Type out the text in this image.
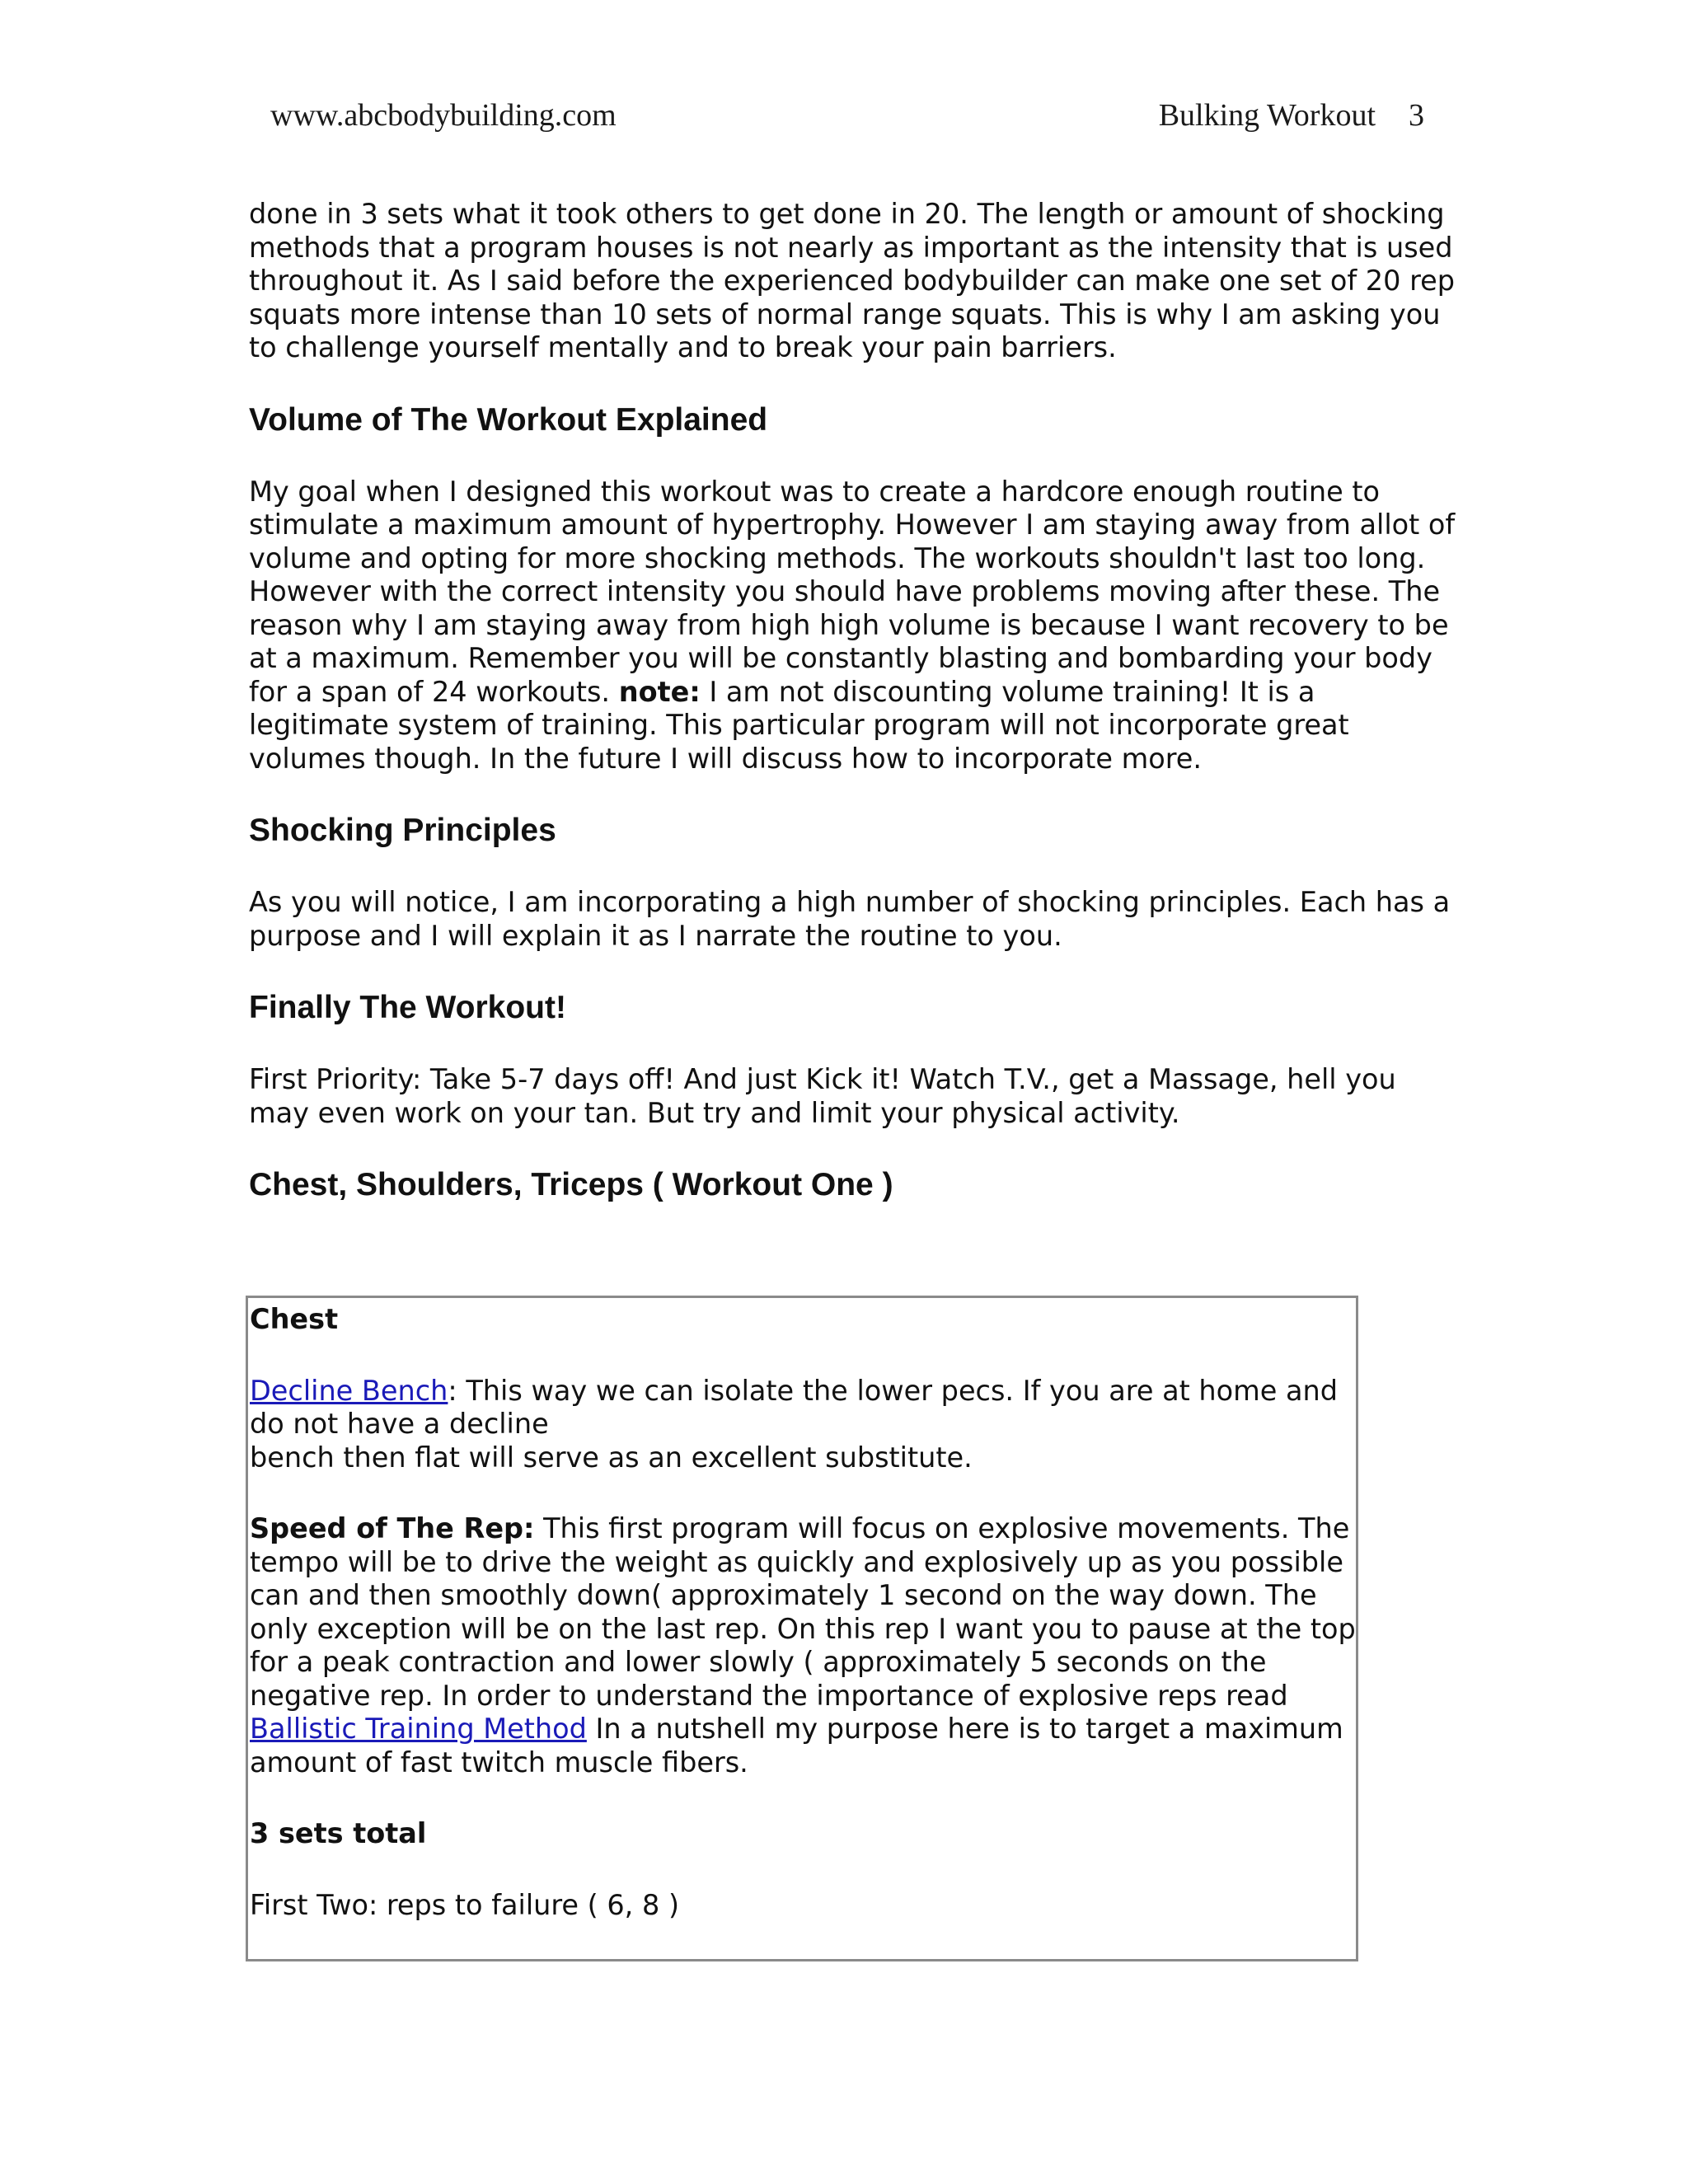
www.abcbodybuilding.com	Bulking Workout 3

done in 3 sets what it took others to get done in 20. The length or amount of shocking methods that a program houses is not nearly as important as the intensity that is used throughout it. As I said before the experienced bodybuilder can make one set of 20 rep squats more intense than 10 sets of normal range squats. This is why I am asking you to challenge yourself mentally and to break your pain barriers.

Volume of The Workout Explained

My goal when I designed this workout was to create a hardcore enough routine to stimulate a maximum amount of hypertrophy. However I am staying away from allot of volume and opting for more shocking methods. The workouts shouldn't last too long. However with the correct intensity you should have problems moving after these. The reason why I am staying away from high high volume is because I want recovery to be at a maximum. Remember you will be constantly blasting and bombarding your body for a span of 24 workouts. note: I am not discounting volume training! It is a legitimate system of training. This particular program will not incorporate great volumes though. In the future I will discuss how to incorporate more.

Shocking Principles

As you will notice, I am incorporating a high number of shocking principles. Each has a purpose and I will explain it as I narrate the routine to you.

Finally The Workout!

First Priority: Take 5-7 days off! And just Kick it! Watch T.V., get a Massage, hell you may even work on your tan. But try and limit your physical activity.

Chest, Shoulders, Triceps ( Workout One )

Chest

Decline Bench: This way we can isolate the lower pecs. If you are at home and do not have a decline
bench then flat will serve as an excellent substitute.

Speed of The Rep: This first program will focus on explosive movements. The tempo will be to drive the weight as quickly and explosively up as you possible can and then smoothly down( approximately 1 second on the way down. The only exception will be on the last rep. On this rep I want you to pause at the top for a peak contraction and lower slowly ( approximately 5 seconds on the negative rep. In order to understand the importance of explosive reps read Ballistic Training Method In a nutshell my purpose here is to target a maximum amount of fast twitch muscle fibers.

3 sets total

First Two: reps to failure ( 6, 8 )
